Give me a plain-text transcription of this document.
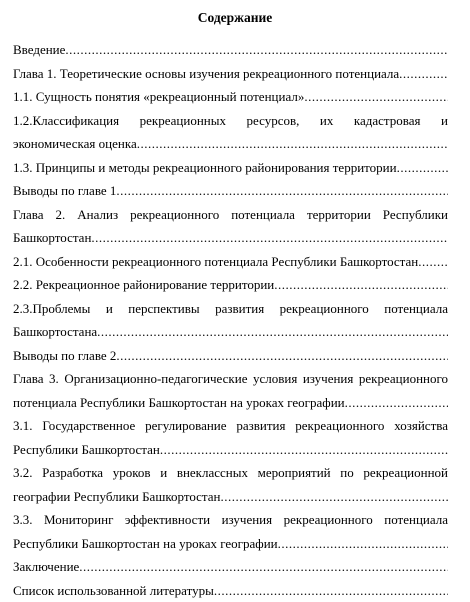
Содержание
Введение
.....
Глава 1. Теоретические основы изучения рекреационного потенциала
.....
1.1. Сущность понятия «рекреационный потенциал»
.....
1.2.Классификация рекреационных ресурсов, их кадастровая и
экономическая оценка
.....
1.3. Принципы и методы рекреационного районирования территории
.....
Выводы по главе 1
.....
Глава 2. Анализ рекреационного потенциала территории Республики
Башкортостан
.....
2.1. Особенности рекреационного потенциала Республики Башкортостан
.....
2.2. Рекреационное районирование территории
.....
2.3.Проблемы и перспективы развития рекреационного потенциала
Башкортостана
.....
Выводы по главе 2
.....
Глава 3. Организационно-педагогические условия изучения рекреационного
потенциала Республики Башкортостан на уроках географии
.....
3.1. Государственное регулирование развития рекреационного хозяйства
Республики Башкортостан
.....
3.2. Разработка уроков и внеклассных мероприятий по рекреационной
географии Республики Башкортостан
.....
3.3. Мониторинг эффективности изучения рекреационного потенциала
Республики Башкортостан на уроках географии
.....
Заключение
.....
Список использованной литературы
.....
